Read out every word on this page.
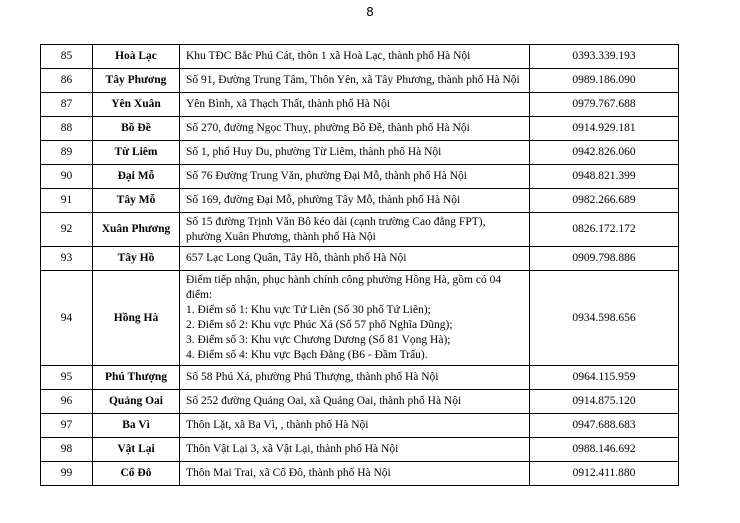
8
85	Hoà Lạc	Khu TĐC Bắc Phú Cát, thôn 1 xã Hoà Lạc, thành phố Hà Nội	0393.339.193
86	Tây Phương	Số 91, Đường Trung Tâm, Thôn Yên, xã Tây Phương, thành phố Hà Nội	0989.186.090
87	Yên Xuân	Yên Bình, xã Thạch Thất, thành phố Hà Nội	0979.767.688
88	Bồ Đề	Số 270, đường Ngọc Thuỵ, phường Bồ Đề, thành phố Hà Nội	0914.929.181
89	Từ Liêm	Số 1, phố Huy Du, phường Từ Liêm, thành phố Hà Nội	0942.826.060
90	Đại Mỗ	Số 76 Đường Trung Văn, phường Đại Mỗ, thành phố Hà Nội	0948.821.399
91	Tây Mỗ	Số 169, đường Đại Mỗ, phường Tây Mỗ, thành phố Hà Nội	0982.266.689
92	Xuân Phương	Số 15 đường Trịnh Văn Bô kéo dài (cạnh trường Cao đẳng FPT), phường Xuân Phương, thành phố Hà Nội	0826.172.172
93	Tây Hồ	657 Lạc Long Quân, Tây Hồ, thành phố Hà Nội	0909.798.886
94	Hồng Hà	Điểm tiếp nhận, phục hành chính công phường Hồng Hà, gồm có 04 điểm:
1. Điểm số 1: Khu vực Tứ Liên (Số 30 phố Tứ Liên);
2. Điểm số 2: Khu vực Phúc Xá (Số 57 phố Nghĩa Dũng);
3. Điểm số 3: Khu vực Chương Dương (Số 81 Vọng Hà);
4. Điểm số 4: Khu vực Bạch Đằng (B6 - Đầm Trấu).	0934.598.656
95	Phú Thượng	Số 58 Phú Xá, phường Phú Thượng, thành phố Hà Nội	0964.115.959
96	Quảng Oai	Số 252 đường Quảng Oai, xã Quảng Oai, thành phố Hà Nội	0914.875.120
97	Ba Vì	Thôn Lặt, xã Ba Vì, , thành phố Hà Nội	0947.688.683
98	Vật Lại	Thôn Vật Lại 3, xã Vật Lại, thành phố Hà Nội	0988.146.692
99	Cổ Đô	Thôn Mai Trai, xã Cổ Đô, thành phố Hà Nội	0912.411.880
